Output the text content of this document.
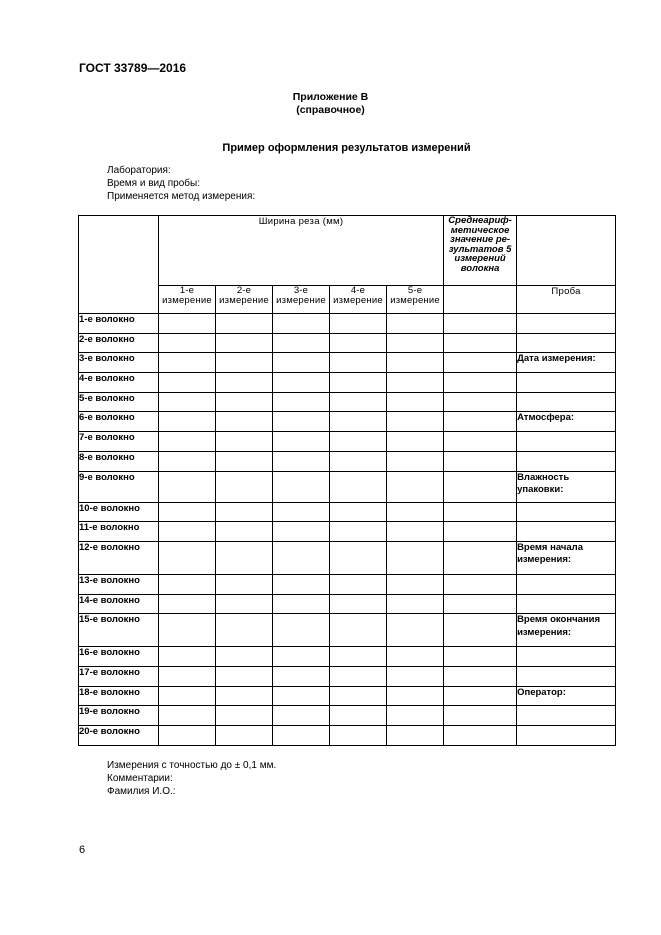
ГОСТ 33789—2016
Приложение В
(справочное)
Пример оформления результатов измерений
Лаборатория:
Время и вид пробы:
Применяется метод измерения:
	Ширина реза (мм)					Среднеариф-метическое значение ре-зультатов 5 измерений волокна	
	1-е измерение	2-е измерение	3-е измерение	4-е измерение	5-е измерение		Проба
1-е волокно							
2-е волокно							
3-е волокно							Дата измерения:
4-е волокно							
5-е волокно							
6-е волокно							Атмосфера:
7-е волокно							
8-е волокно							
9-е волокно							Влажность упаковки:
10-е волокно							
11-е волокно							
12-е волокно							Время начала измерения:
13-е волокно							
14-е волокно							
15-е волокно							Время окончания измерения:
16-е волокно							
17-е волокно							
18-е волокно							Оператор:
19-е волокно							
20-е волокно							
Измерения с точностью до ± 0,1 мм.
Комментарии:
Фамилия И.О.:
6
